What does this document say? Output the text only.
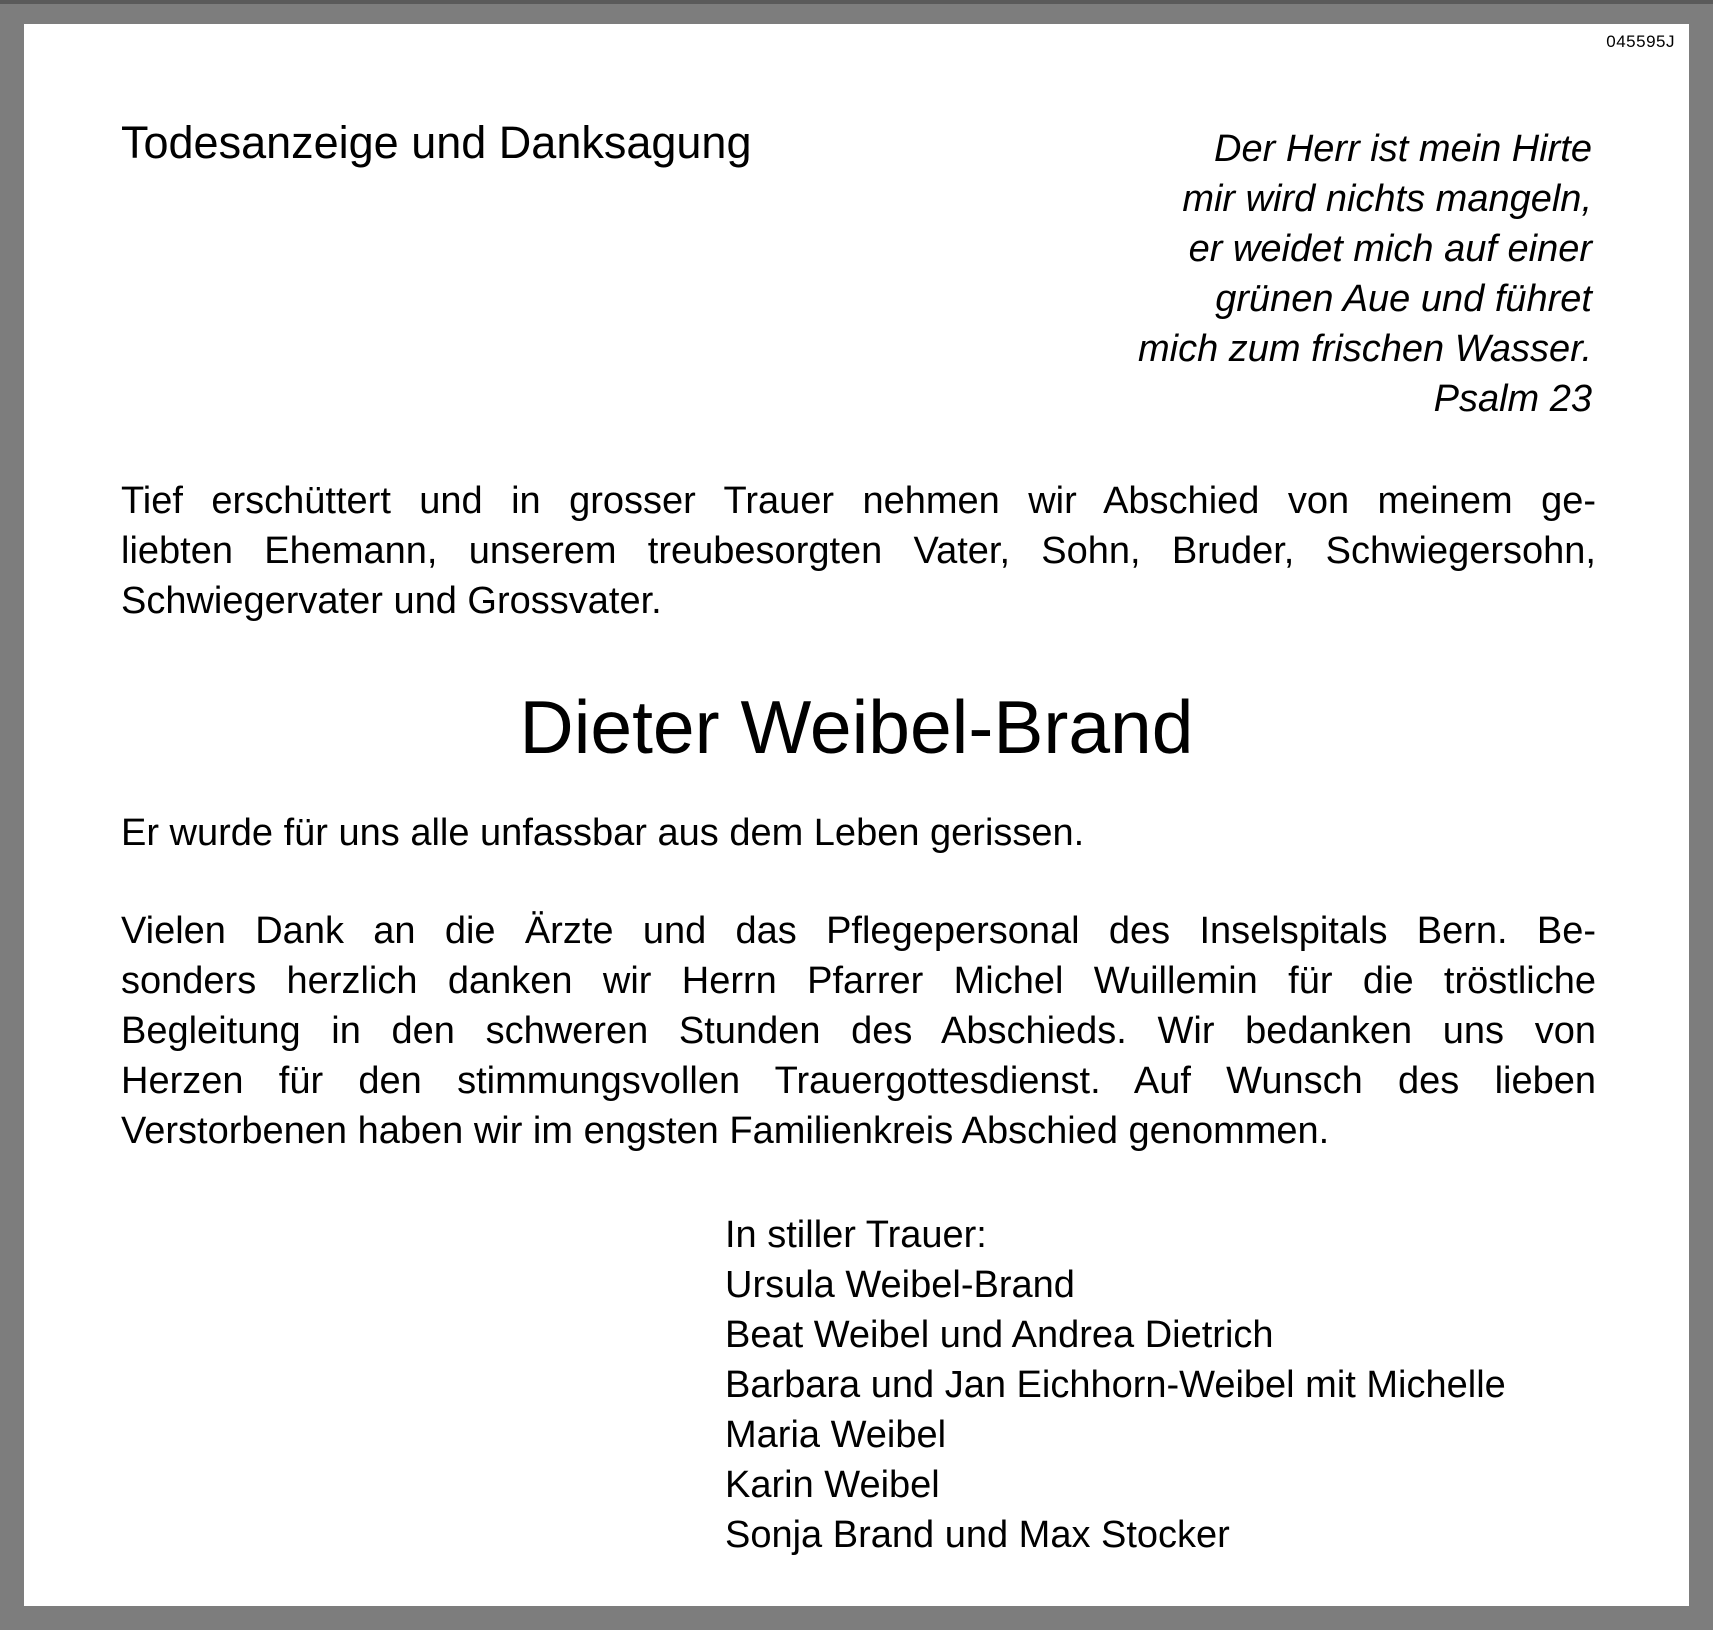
045595J
Todesanzeige und Danksagung	Der Herr ist mein Hirte
mir wird nichts mangeln,
er weidet mich auf einer
grünen Aue und führet
mich zum frischen Wasser.
Psalm 23
Tief erschüttert und in grosser Trauer nehmen wir Abschied von meinem ge-
liebten Ehemann, unserem treubesorgten Vater, Sohn, Bruder, Schwiegersohn,
Schwiegervater und Grossvater.
Dieter Weibel-Brand
Er wurde für uns alle unfassbar aus dem Leben gerissen.
Vielen Dank an die Ärzte und das Pflegepersonal des Inselspitals Bern. Be-
sonders herzlich danken wir Herrn Pfarrer Michel Wuillemin für die tröstliche
Begleitung in den schweren Stunden des Abschieds. Wir bedanken uns von
Herzen für den stimmungsvollen Trauergottesdienst. Auf Wunsch des lieben
Verstorbenen haben wir im engsten Familienkreis Abschied genommen.
In stiller Trauer:
Ursula Weibel-Brand
Beat Weibel und Andrea Dietrich
Barbara und Jan Eichhorn-Weibel mit Michelle
Maria Weibel
Karin Weibel
Sonja Brand und Max Stocker
